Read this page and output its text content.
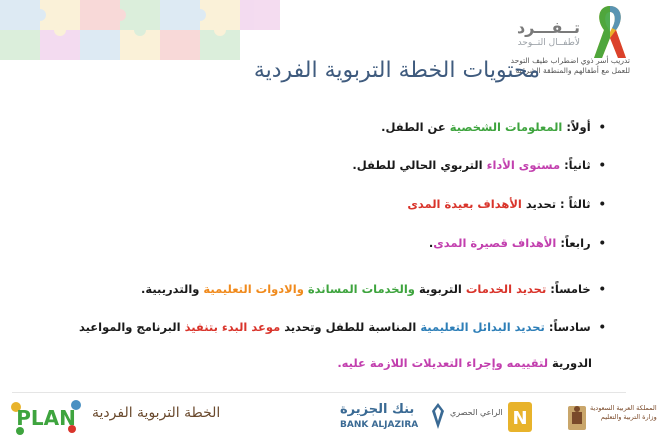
تــفـــرد
لأطفــال التــوحد
تدريب أسر ذوي اضطراب طيف التوحد
للعمل مع أطفالهم والمنطقة الشرقية
محتويات الخطة التربوية الفردية
•أولاً: المعلومات الشخصية عن الطفل.
•ثانياً: مستوى الأداء التربوي الحالي للطفل.
•ثالثاً : تحديد الأهداف بعيدة المدى
•رابعاً: الأهداف قصيرة المدى.
•خامساً: تحديد الخدمات التربوية والخدمات المساندة والادوات التعليمية والتدريبية.
•سادساً: تحديد البدائل التعليمية المناسبة للطفل وتحديد موعد البدء بتنفيذ البرنامج والمواعيد
الدورية لتقييمه وإجراء التعديلات اللازمة عليه.
PLAN الخطة التربوية الفردية	بنك الجزيرة
BANK ALJAZIRA
الراعي الحصري N	المملكة العربية السعودية
وزارة التربية والتعليم
